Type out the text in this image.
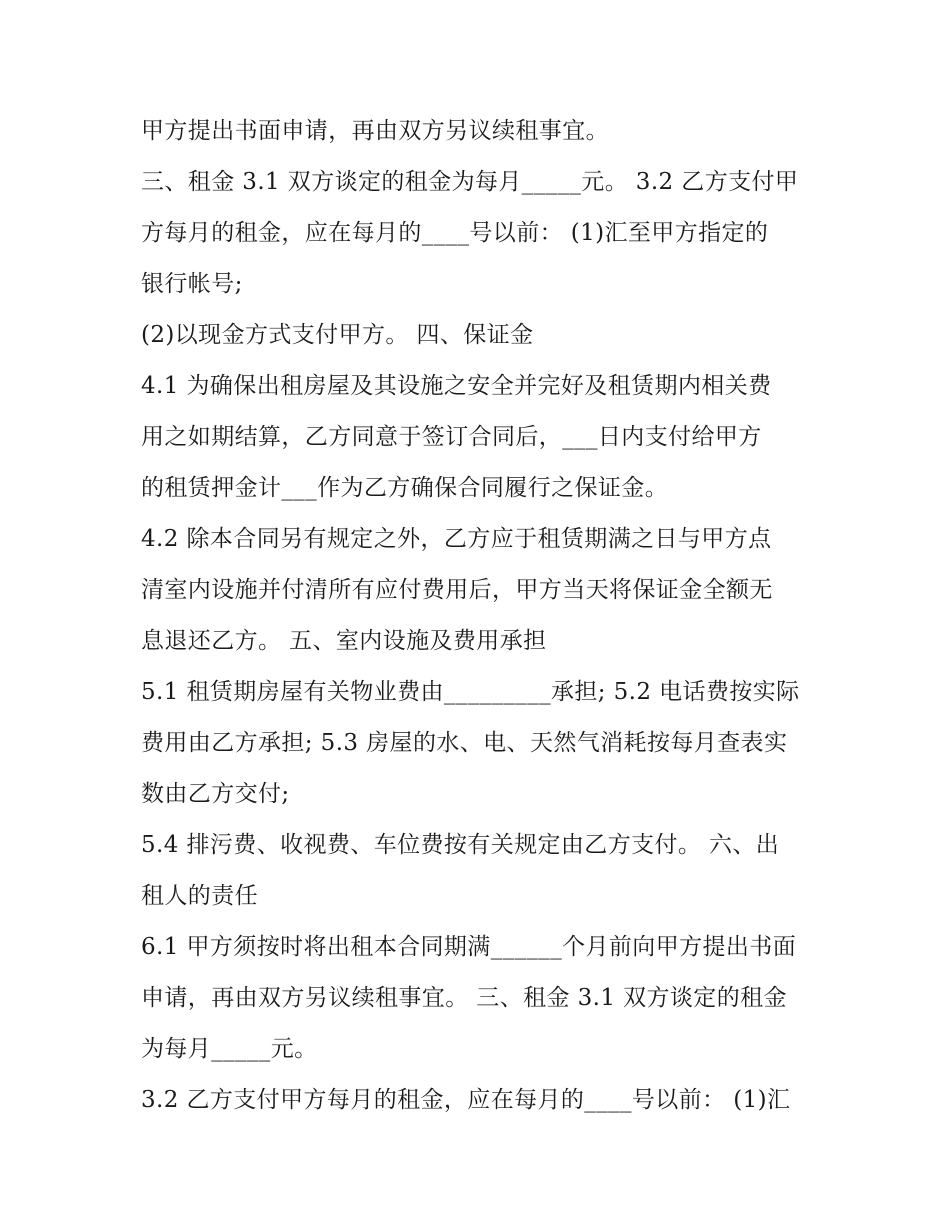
甲方提出书面申请，再由双方另议续租事宜。
三、租金 3.1 双方谈定的租金为每月_____元。 3.2 乙方支付甲
方每月的租金，应在每月的____号以前： (1)汇至甲方指定的
银行帐号;
(2)以现金方式支付甲方。 四、保证金
4.1 为确保出租房屋及其设施之安全并完好及租赁期内相关费
用之如期结算，乙方同意于签订合同后，___日内支付给甲方
的租赁押金计___作为乙方确保合同履行之保证金。
4.2 除本合同另有规定之外，乙方应于租赁期满之日与甲方点
清室内设施并付清所有应付费用后，甲方当天将保证金全额无
息退还乙方。 五、室内设施及费用承担
5.1 租赁期房屋有关物业费由_________承担; 5.2 电话费按实际
费用由乙方承担; 5.3 房屋的水、电、天然气消耗按每月查表实
数由乙方交付;
5.4 排污费、收视费、车位费按有关规定由乙方支付。 六、出
租人的责任
6.1 甲方须按时将出租本合同期满______个月前向甲方提出书面
申请，再由双方另议续租事宜。 三、租金 3.1 双方谈定的租金
为每月_____元。
3.2 乙方支付甲方每月的租金，应在每月的____号以前： (1)汇
